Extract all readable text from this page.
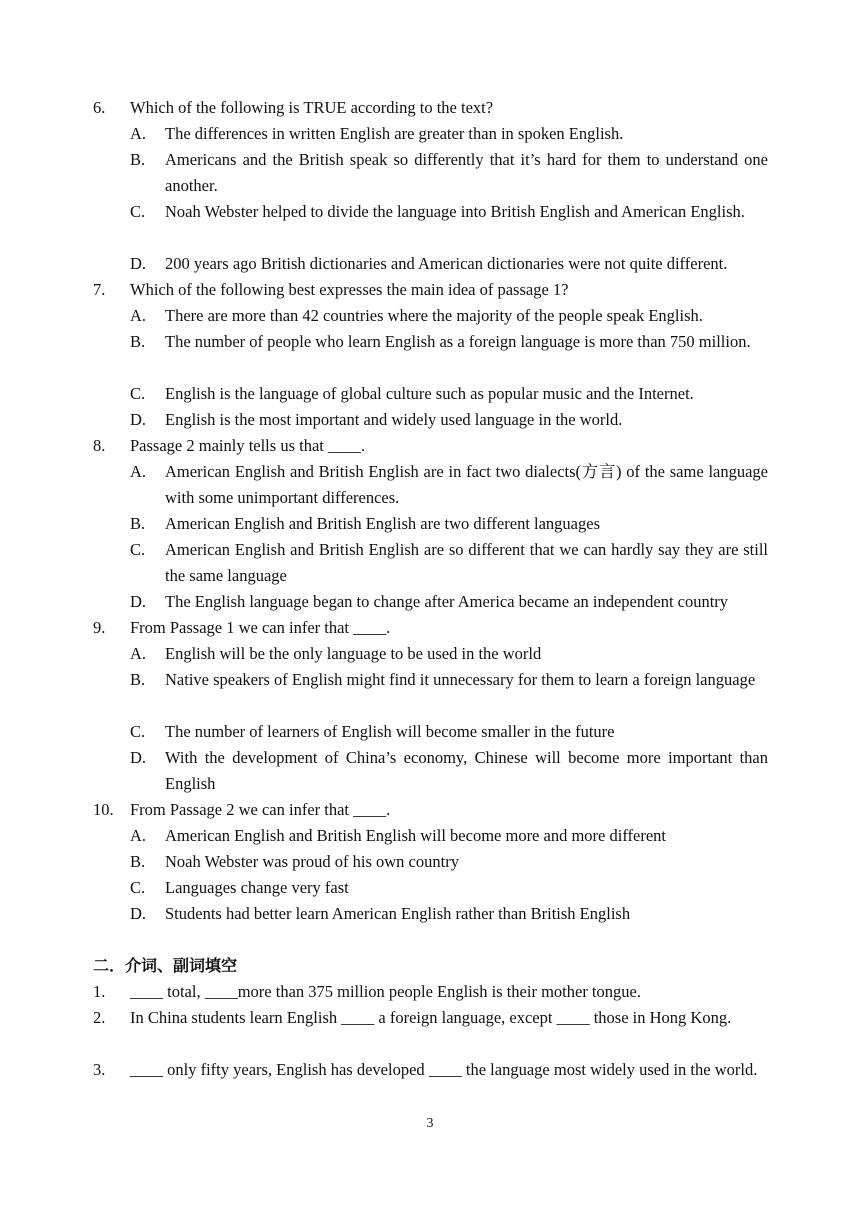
6. Which of the following is TRUE according to the text?
A. The differences in written English are greater than in spoken English.
B. Americans and the British speak so differently that it’s hard for them to understand one another.
C. Noah Webster helped to divide the language into British English and American English.
D. 200 years ago British dictionaries and American dictionaries were not quite different.
7. Which of the following best expresses the main idea of passage 1?
A. There are more than 42 countries where the majority of the people speak English.
B. The number of people who learn English as a foreign language is more than 750 million.
C. English is the language of global culture such as popular music and the Internet.
D. English is the most important and widely used language in the world.
8. Passage 2 mainly tells us that ____.
A. American English and British English are in fact two dialects(方言) of the same language with some unimportant differences.
B. American English and British English are two different languages
C. American English and British English are so different that we can hardly say they are still the same language
D. The English language began to change after America became an independent country
9. From Passage 1 we can infer that ____.
A. English will be the only language to be used in the world
B. Native speakers of English might find it unnecessary for them to learn a foreign language
C. The number of learners of English will become smaller in the future
D. With the development of China’s economy, Chinese will become more important than English
10. From Passage 2 we can infer that ____.
A. American English and British English will become more and more different
B. Noah Webster was proud of his own country
C. Languages change very fast
D. Students had better learn American English rather than British English
二．介词、副词填空
1. ____ total, ____more than 375 million people English is their mother tongue.
2. In China students learn English ____ a foreign language, except ____ those in Hong Kong.
3. ____ only fifty years, English has developed ____ the language most widely used in the world.
3
